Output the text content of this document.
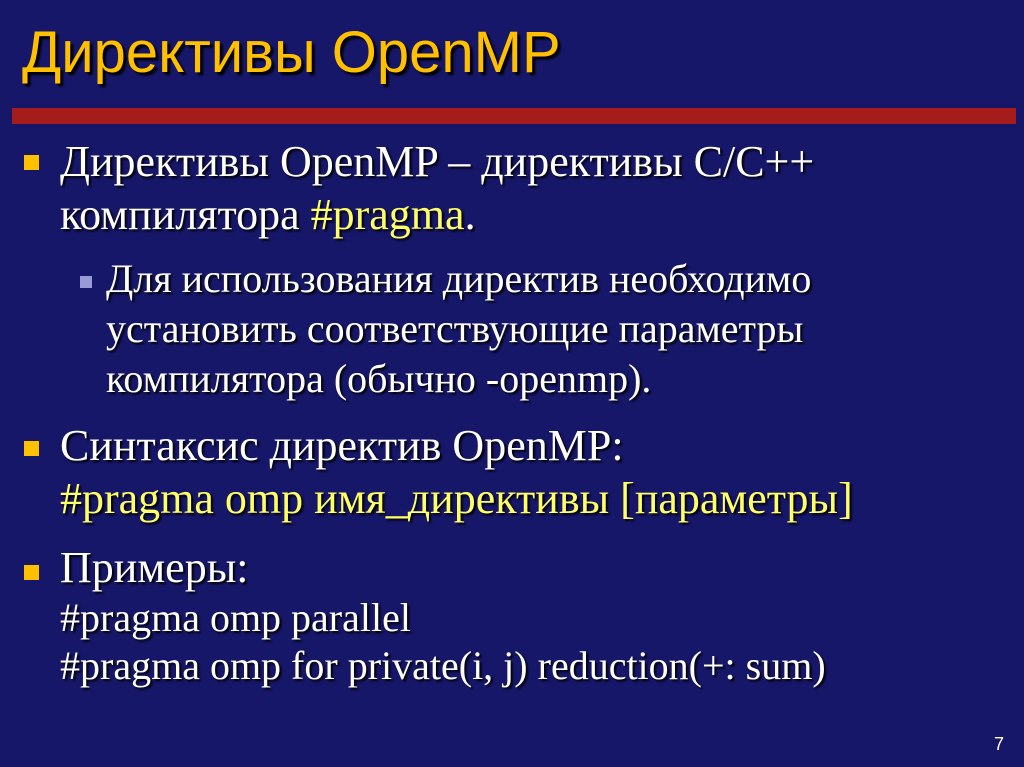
Директивы OpenMP
Директивы OpenMP – директивы C/C++
компилятора #pragma.
Для использования директив необходимо
установить соответствующие параметры
компилятора (обычно -openmp).
Синтаксис директив OpenMP:
#pragma omp имя_директивы [параметры]
Примеры:
#pragma omp parallel
#pragma omp for private(i, j) reduction(+: sum)
7
